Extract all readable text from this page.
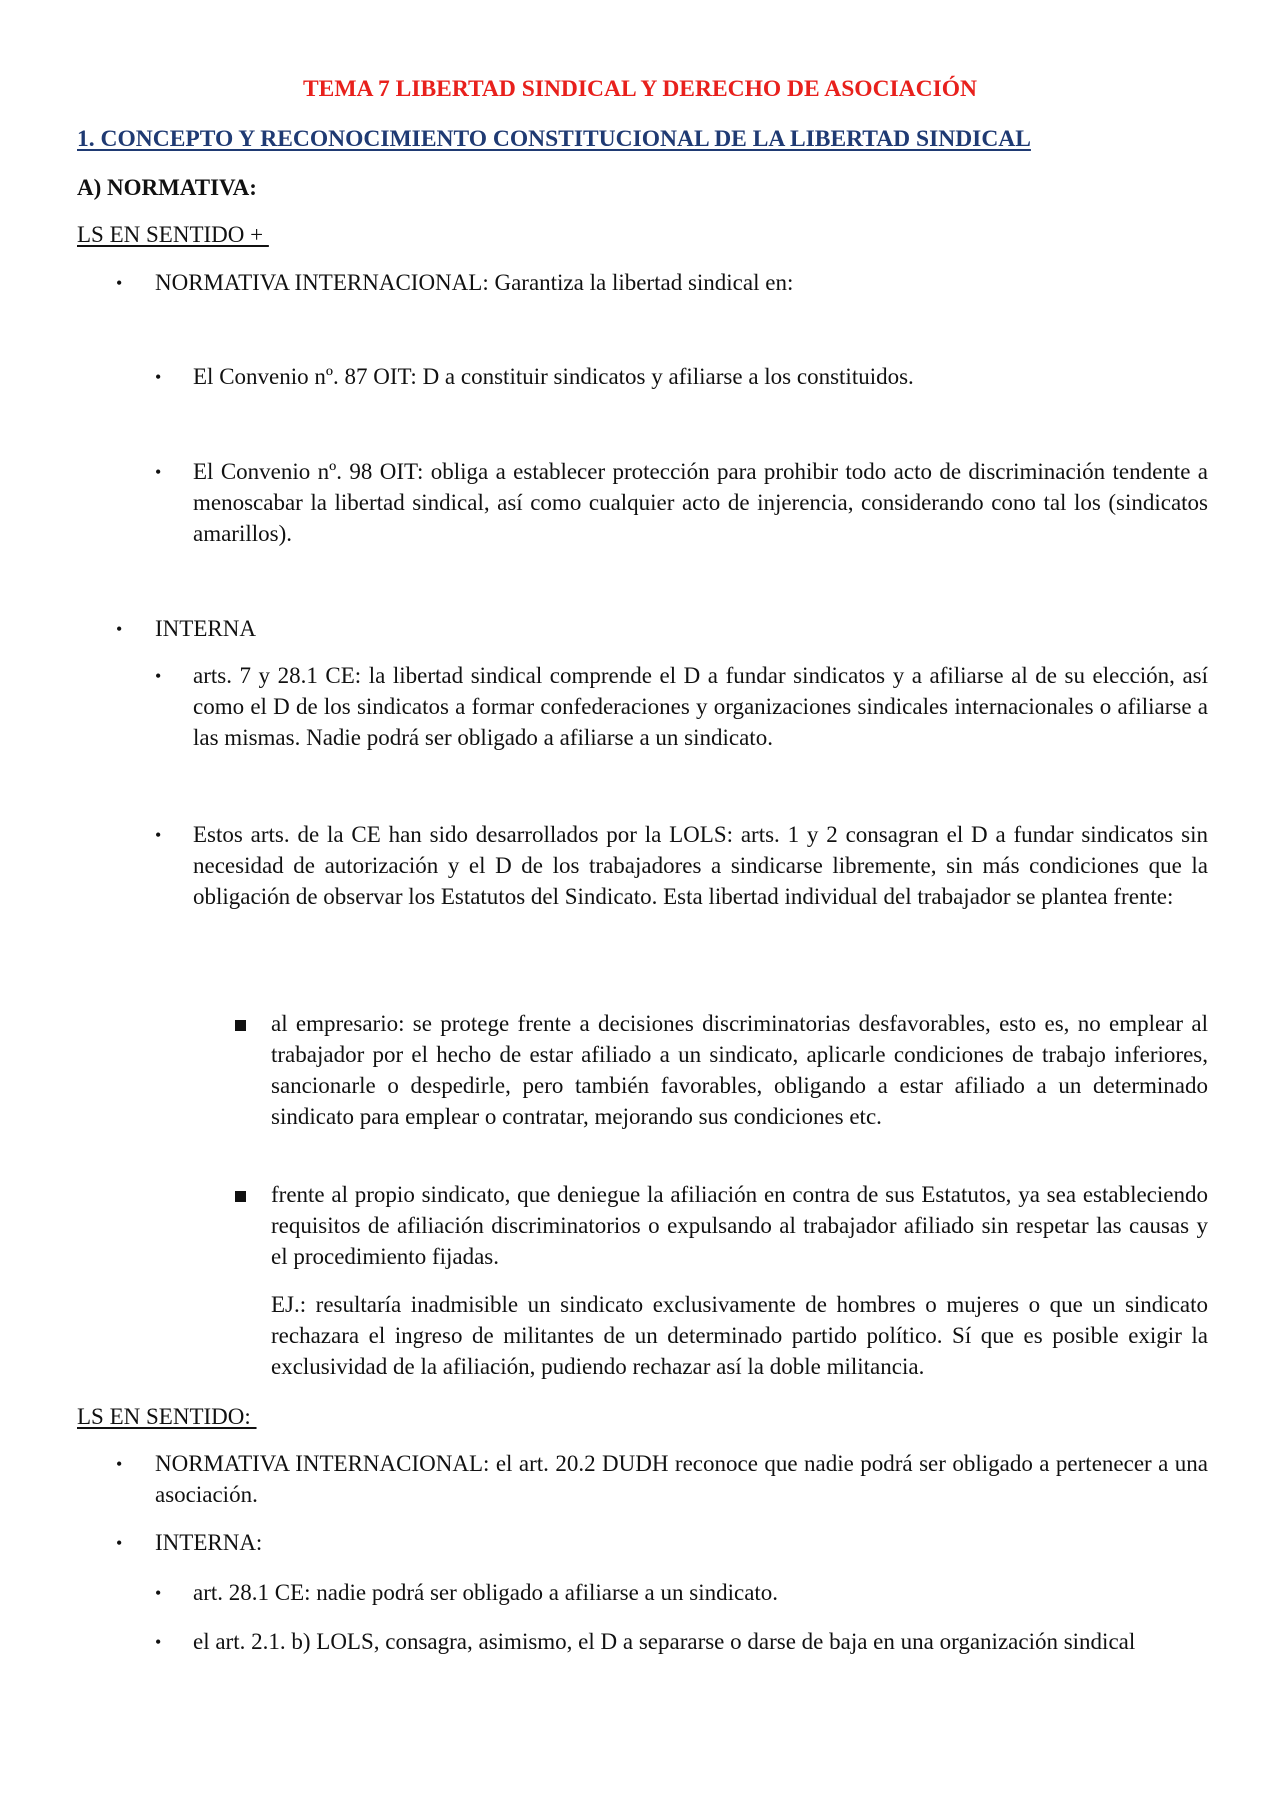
TEMA 7 LIBERTAD SINDICAL Y DERECHO DE ASOCIACIÓN

1. CONCEPTO Y RECONOCIMIENTO CONSTITUCIONAL DE LA LIBERTAD SINDICAL

A) NORMATIVA:

LS EN SENTIDO +

• NORMATIVA INTERNACIONAL: Garantiza la libertad sindical en:

• El Convenio nº. 87 OIT: D a constituir sindicatos y afiliarse a los constituidos.

• El Convenio nº. 98 OIT: obliga a establecer protección para prohibir todo acto de discriminación tendente a menoscabar la libertad sindical, así como cualquier acto de injerencia, considerando cono tal los (sindicatos amarillos).

• INTERNA

• arts. 7 y 28.1 CE: la libertad sindical comprende el D a fundar sindicatos y a afiliarse al de su elección, así como el D de los sindicatos a formar confederaciones y organizaciones sindicales internacionales o afiliarse a las mismas. Nadie podrá ser obligado a afiliarse a un sindicato.

• Estos arts. de la CE han sido desarrollados por la LOLS: arts. 1 y 2 consagran el D a fundar sindicatos sin necesidad de autorización y el D de los trabajadores a sindicarse libremente, sin más condiciones que la obligación de observar los Estatutos del Sindicato. Esta libertad individual del trabajador se plantea frente:

al empresario: se protege frente a decisiones discriminatorias desfavorables, esto es, no emplear al trabajador por el hecho de estar afiliado a un sindicato, aplicarle condiciones de trabajo inferiores, sancionarle o despedirle, pero también favorables, obligando a estar afiliado a un determinado sindicato para emplear o contratar, mejorando sus condiciones etc.

frente al propio sindicato, que deniegue la afiliación en contra de sus Estatutos, ya sea estableciendo requisitos de afiliación discriminatorios o expulsando al trabajador afiliado sin respetar las causas y el procedimiento fijadas.

EJ.: resultaría inadmisible un sindicato exclusivamente de hombres o mujeres o que un sindicato rechazara el ingreso de militantes de un determinado partido político. Sí que es posible exigir la exclusividad de la afiliación, pudiendo rechazar así la doble militancia.

LS EN SENTIDO:

• NORMATIVA INTERNACIONAL: el art. 20.2 DUDH reconoce que nadie podrá ser obligado a pertenecer a una asociación.

• INTERNA:

• art. 28.1 CE: nadie podrá ser obligado a afiliarse a un sindicato.

• el art. 2.1. b) LOLS, consagra, asimismo, el D a separarse o darse de baja en una organización sindical
